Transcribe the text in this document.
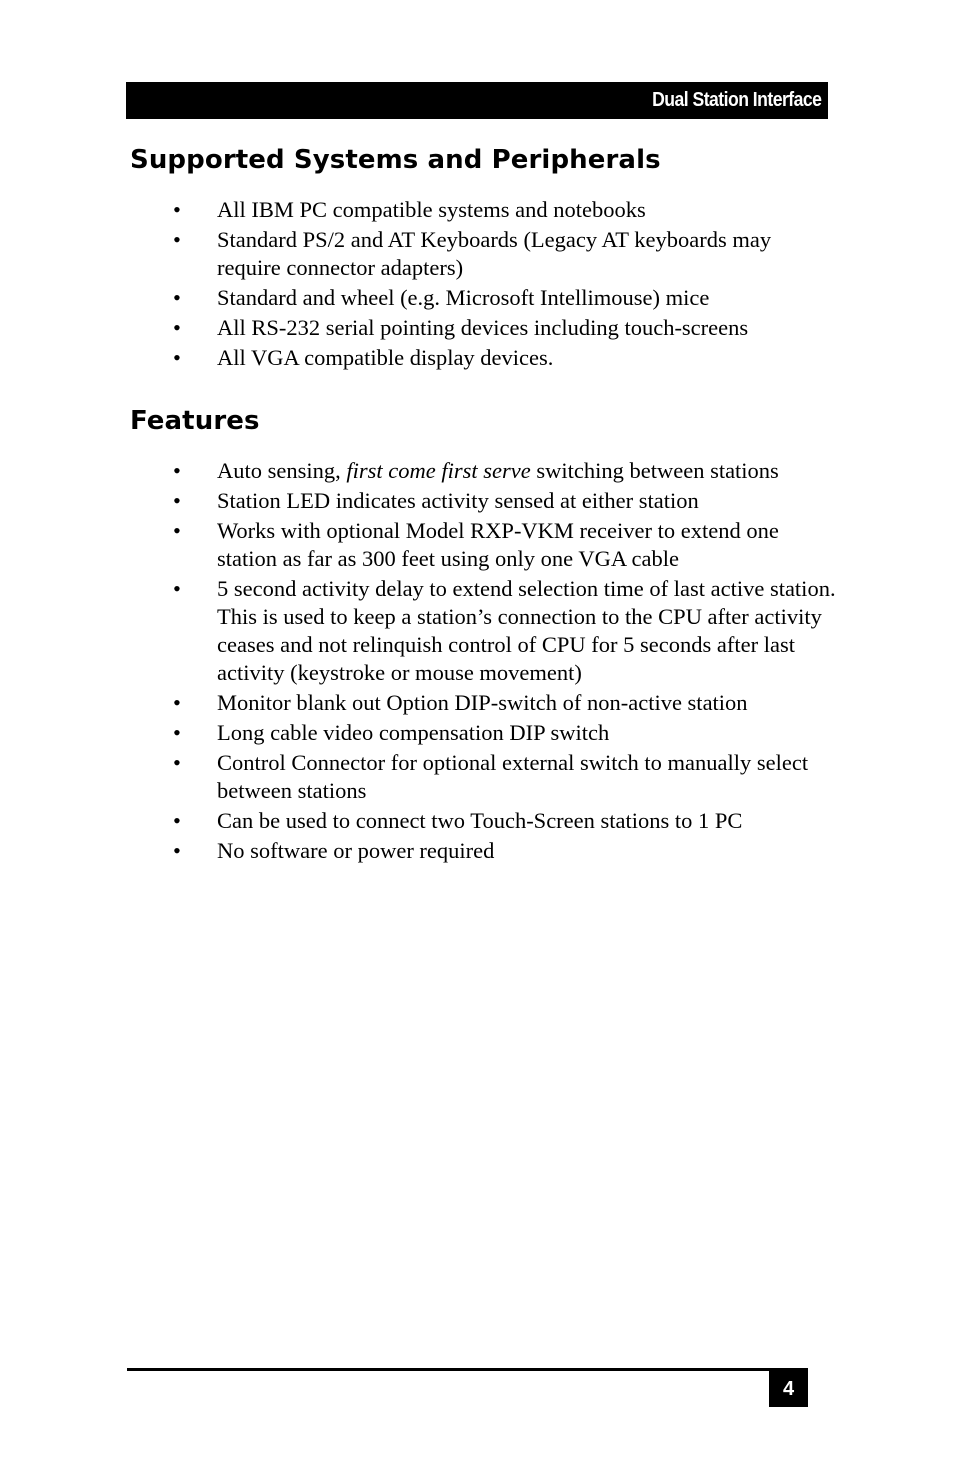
Dual Station Interface
Supported Systems and Peripherals
• All IBM PC compatible systems and notebooks
• Standard PS/2 and AT Keyboards (Legacy AT keyboards may require connector adapters)
• Standard and wheel (e.g. Microsoft Intellimouse) mice
• All RS-232 serial pointing devices including touch-screens
• All VGA compatible display devices.
Features
• Auto sensing, first come first serve switching between stations
• Station LED indicates activity sensed at either station
• Works with optional Model RXP-VKM receiver to extend one station as far as 300 feet using only one VGA cable
• 5 second activity delay to extend selection time of last active station. This is used to keep a station’s connection to the CPU after activity ceases and not relinquish control of CPU for 5 seconds after last activity (keystroke or mouse movement)
• Monitor blank out Option DIP-switch of non-active station
• Long cable video compensation DIP switch
• Control Connector for optional external switch to manually select between stations
• Can be used to connect two Touch-Screen stations to 1 PC
• No software or power required
4
